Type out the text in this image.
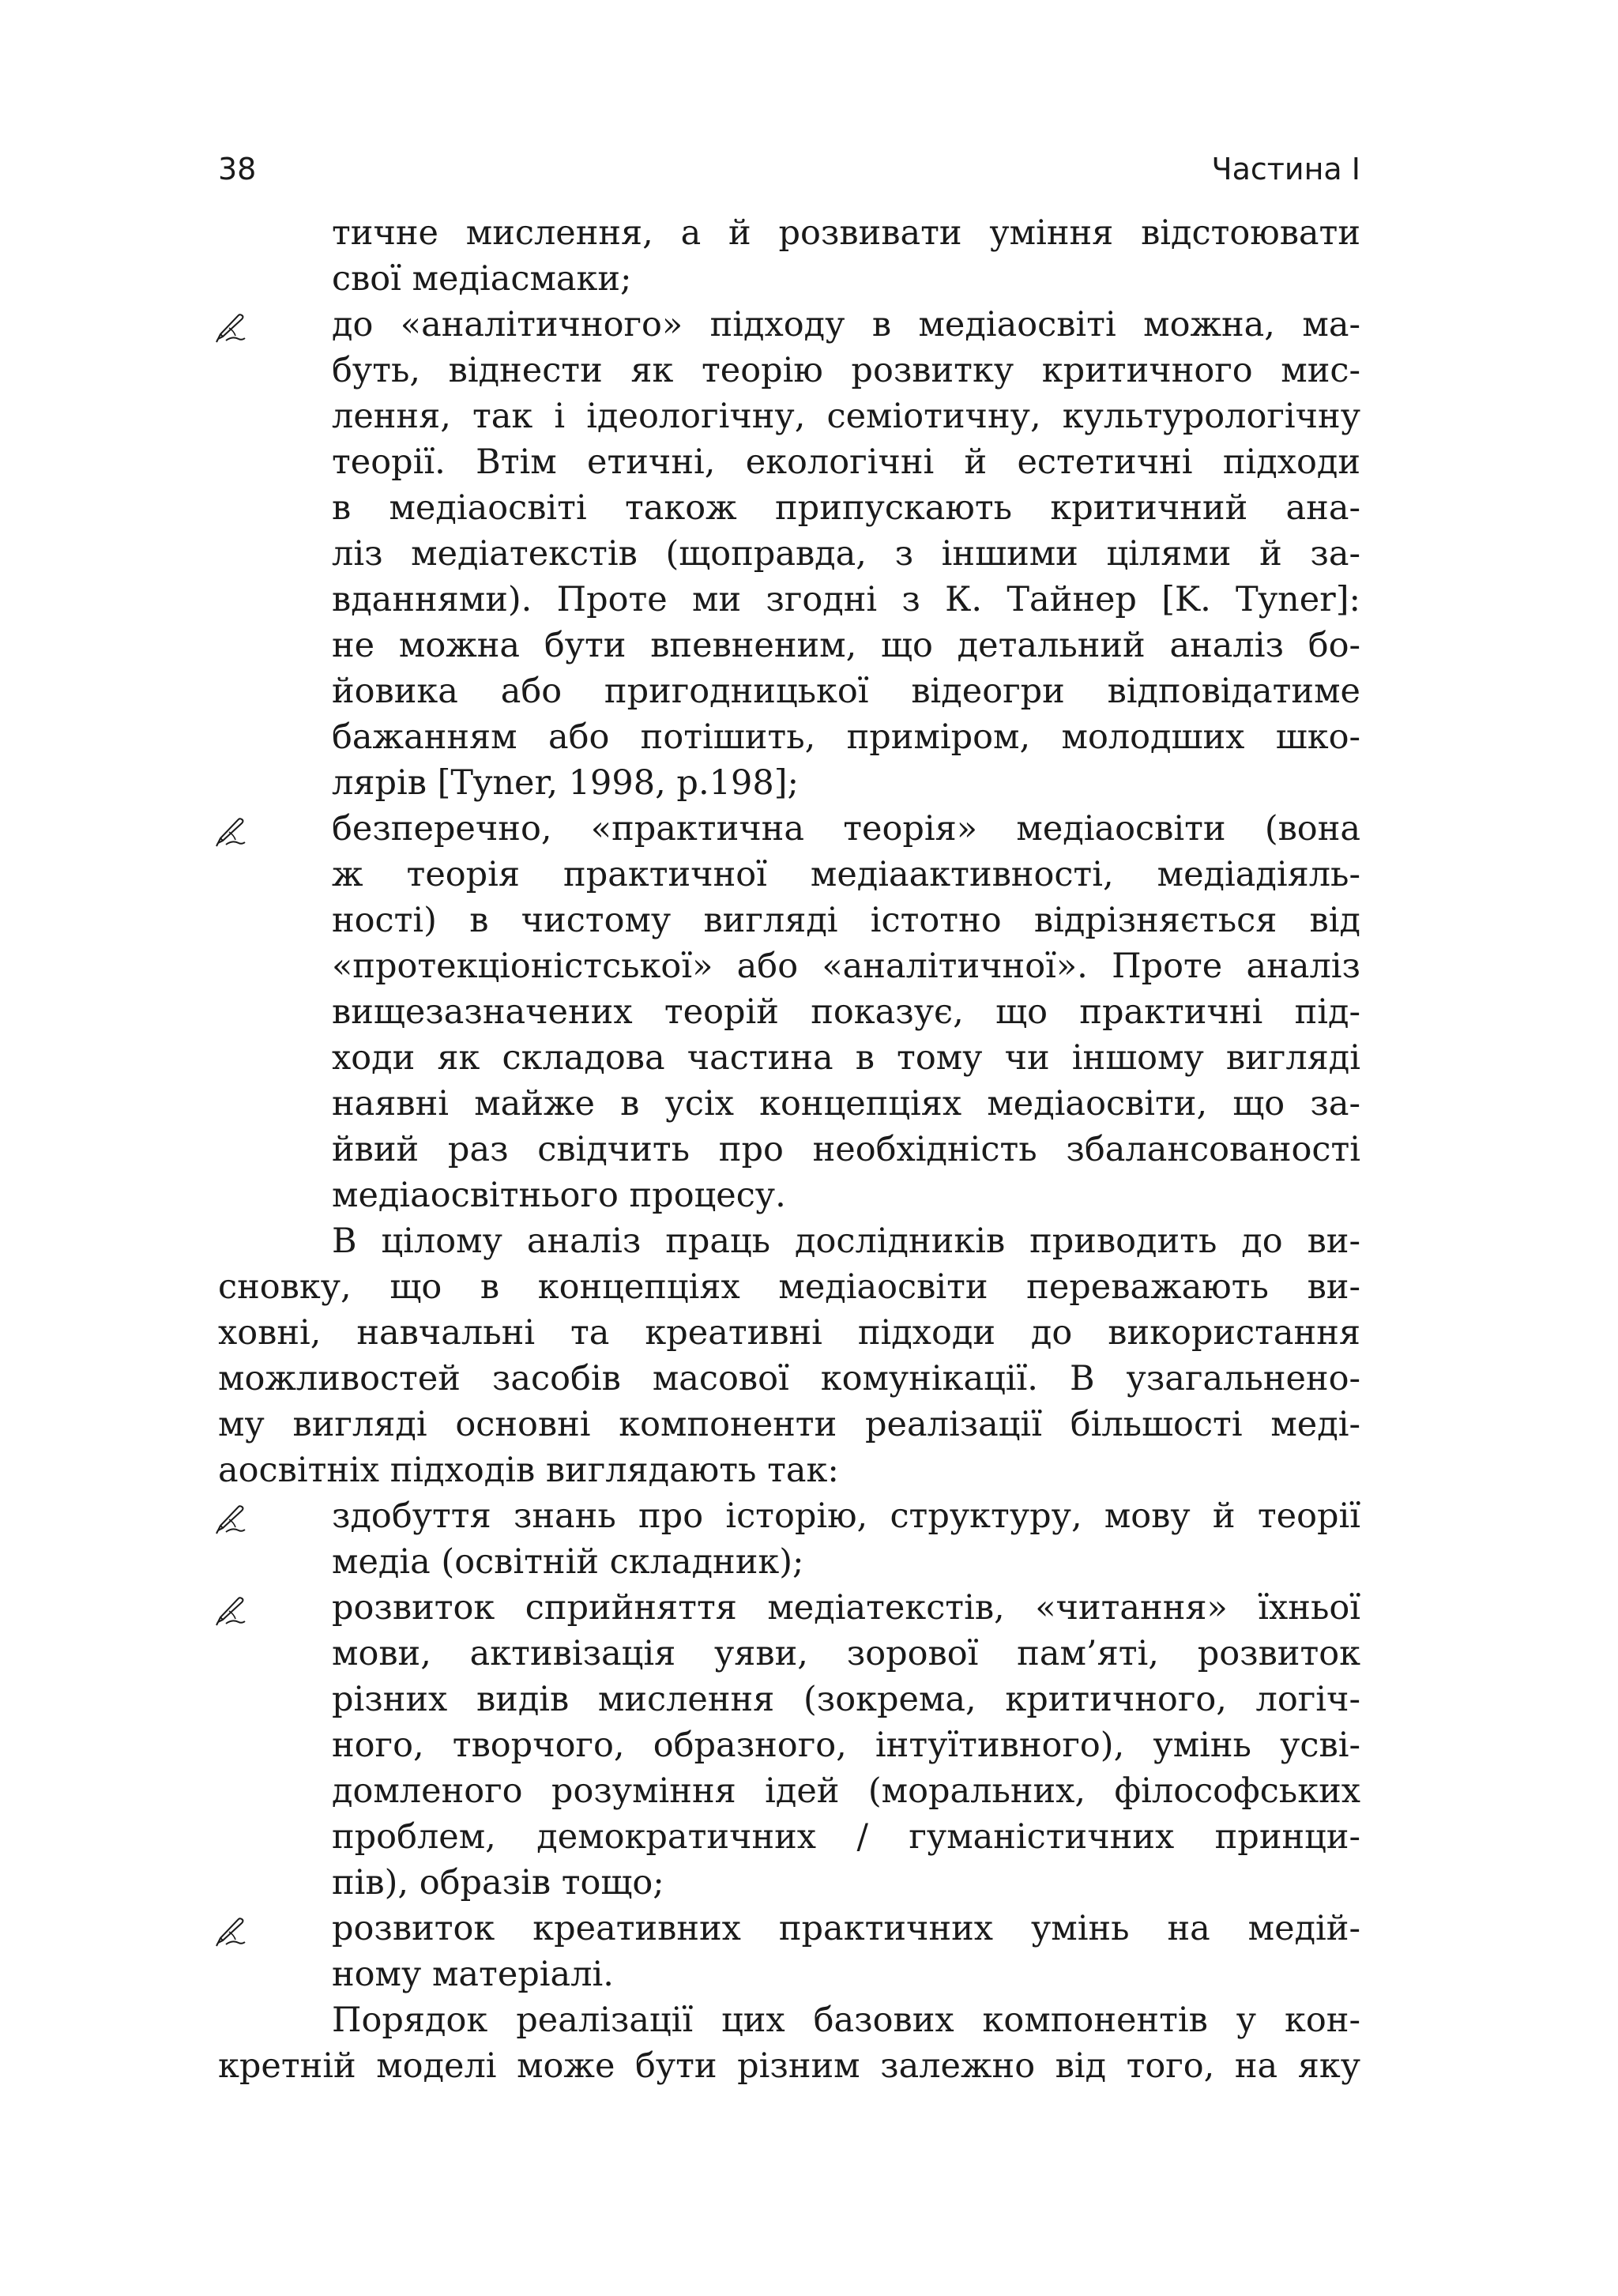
38	Частина І
тичне мислення, а й розвивати уміння відстоювати
свої медіасмаки;
до «аналітичного» підходу в медіаосвіті можна, ма-
буть, віднести як теорію розвитку критичного мис-
лення, так і ідеологічну, семіотичну, культурологічну
теорії. Втім етичні, екологічні й естетичні підходи
в медіаосвіті також припускають критичний ана-
ліз медіатекстів (щоправда, з іншими цілями й за-
вданнями). Проте ми згодні з К. Тайнер [K. Tyner]:
не можна бути впевненим, що детальний аналіз бо-
йовика або пригодницької відеогри відповідатиме
бажанням або потішить, приміром, молодших шко-
лярів [Tyner, 1998, p.198];
безперечно, «практична теорія» медіаосвіти (вона
ж теорія практичної медіаактивності, медіадіяль-
ності) в чистому вигляді істотно відрізняється від
«протекціоністської» або «аналітичної». Проте аналіз
вищезазначених теорій показує, що практичні під-
ходи як складова частина в тому чи іншому вигляді
наявні майже в усіх концепціях медіаосвіти, що за-
йвий раз свідчить про необхідність збалансованості
медіаосвітнього процесу.
В цілому аналіз праць дослідників приводить до ви-
сновку, що в концепціях медіаосвіти переважають ви-
ховні, навчальні та креативні підходи до використання
можливостей засобів масової комунікації. В узагальнено-
му вигляді основні компоненти реалізації більшості меді-
аосвітніх підходів виглядають так:
здобуття знань про історію, структуру, мову й теорії
медіа (освітній складник);
розвиток сприйняття медіатекстів, «читання» їхньої
мови, активізація уяви, зорової пам’яті, розвиток
різних видів мислення (зокрема, критичного, логіч-
ного, творчого, образного, інтуїтивного), умінь усві-
домленого розуміння ідей (моральних, філософських
проблем, демократичних / гуманістичних принци-
пів), образів тощо;
розвиток креативних практичних умінь на медій-
ному матеріалі.
Порядок реалізації цих базових компонентів у кон-
кретній моделі може бути різним залежно від того, на яку
